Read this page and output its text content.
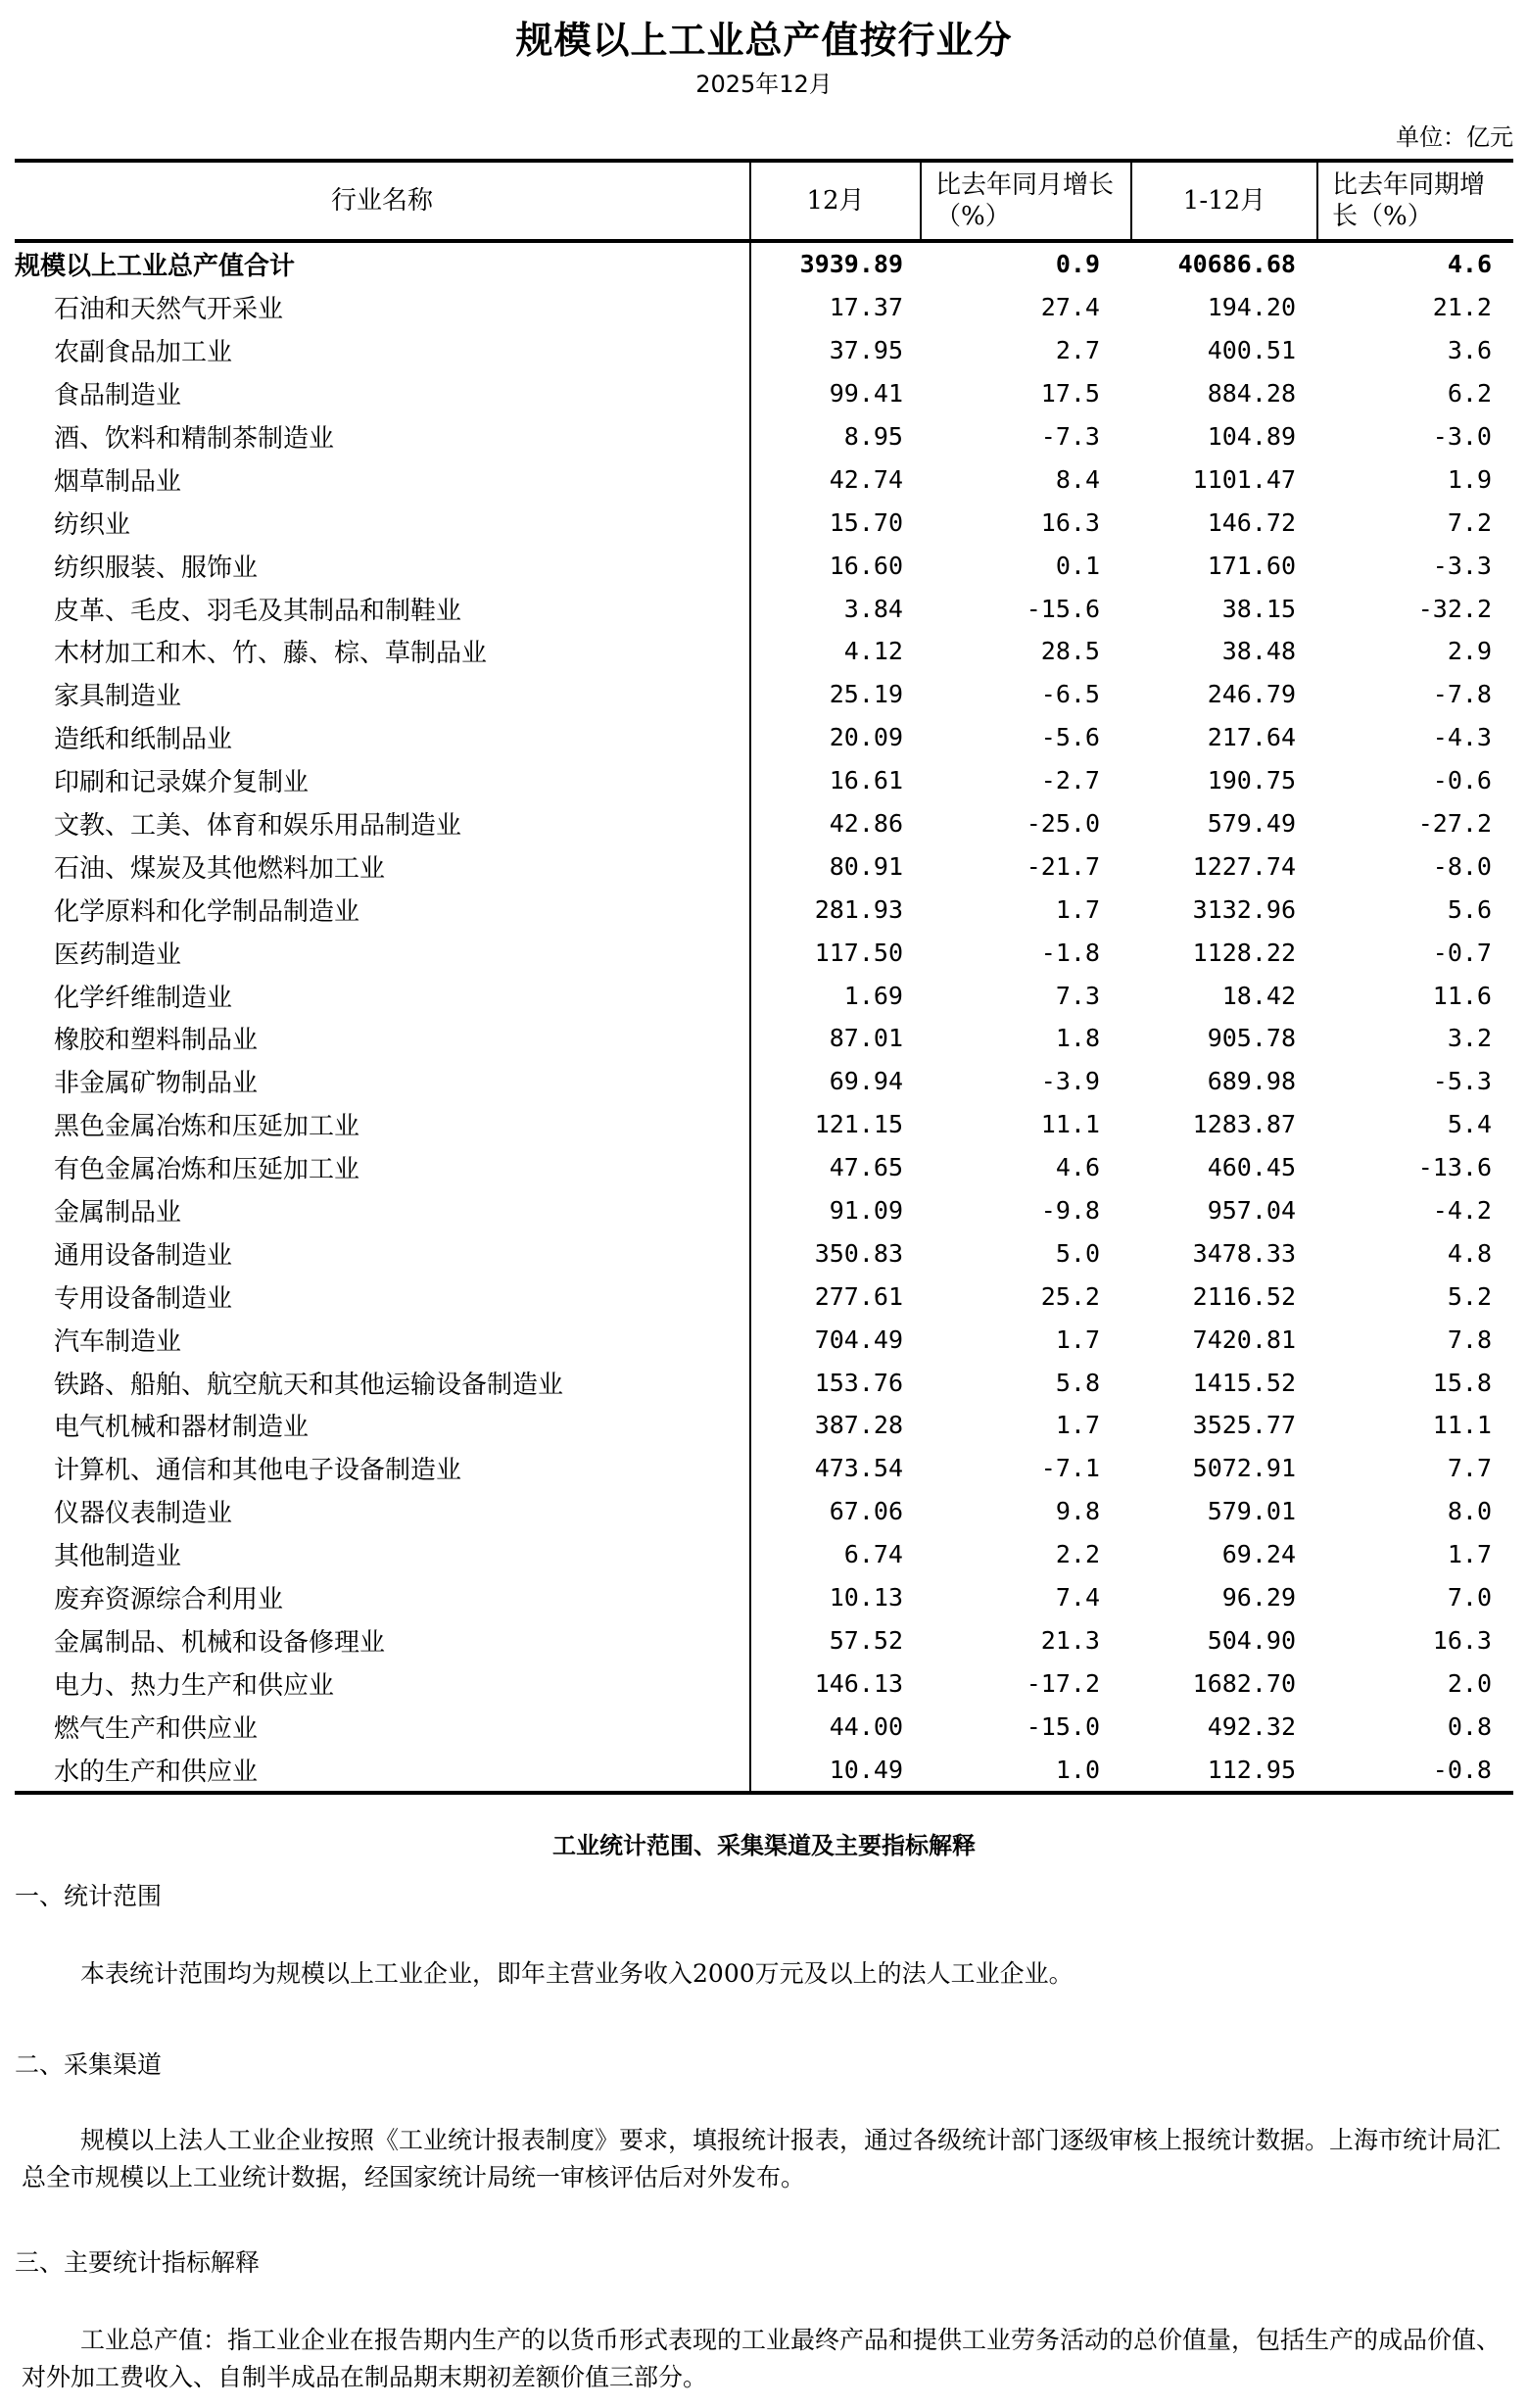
规模以上工业总产值按行业分
2025年12月
单位：亿元
行业名称	12月	比去年同月增长（%）	1-12月	比去年同期增长（%）
规模以上工业总产值合计	3939.89	0.9	40686.68	4.6
石油和天然气开采业	17.37	27.4	194.20	21.2
农副食品加工业	37.95	2.7	400.51	3.6
食品制造业	99.41	17.5	884.28	6.2
酒、饮料和精制茶制造业	8.95	-7.3	104.89	-3.0
烟草制品业	42.74	8.4	1101.47	1.9
纺织业	15.70	16.3	146.72	7.2
纺织服装、服饰业	16.60	0.1	171.60	-3.3
皮革、毛皮、羽毛及其制品和制鞋业	3.84	-15.6	38.15	-32.2
木材加工和木、竹、藤、棕、草制品业	4.12	28.5	38.48	2.9
家具制造业	25.19	-6.5	246.79	-7.8
造纸和纸制品业	20.09	-5.6	217.64	-4.3
印刷和记录媒介复制业	16.61	-2.7	190.75	-0.6
文教、工美、体育和娱乐用品制造业	42.86	-25.0	579.49	-27.2
石油、煤炭及其他燃料加工业	80.91	-21.7	1227.74	-8.0
化学原料和化学制品制造业	281.93	1.7	3132.96	5.6
医药制造业	117.50	-1.8	1128.22	-0.7
化学纤维制造业	1.69	7.3	18.42	11.6
橡胶和塑料制品业	87.01	1.8	905.78	3.2
非金属矿物制品业	69.94	-3.9	689.98	-5.3
黑色金属冶炼和压延加工业	121.15	11.1	1283.87	5.4
有色金属冶炼和压延加工业	47.65	4.6	460.45	-13.6
金属制品业	91.09	-9.8	957.04	-4.2
通用设备制造业	350.83	5.0	3478.33	4.8
专用设备制造业	277.61	25.2	2116.52	5.2
汽车制造业	704.49	1.7	7420.81	7.8
铁路、船舶、航空航天和其他运输设备制造业	153.76	5.8	1415.52	15.8
电气机械和器材制造业	387.28	1.7	3525.77	11.1
计算机、通信和其他电子设备制造业	473.54	-7.1	5072.91	7.7
仪器仪表制造业	67.06	9.8	579.01	8.0
其他制造业	6.74	2.2	69.24	1.7
废弃资源综合利用业	10.13	7.4	96.29	7.0
金属制品、机械和设备修理业	57.52	21.3	504.90	16.3
电力、热力生产和供应业	146.13	-17.2	1682.70	2.0
燃气生产和供应业	44.00	-15.0	492.32	0.8
水的生产和供应业	10.49	1.0	112.95	-0.8
工业统计范围、采集渠道及主要指标解释
一、统计范围
本表统计范围均为规模以上工业企业，即年主营业务收入2000万元及以上的法人工业企业。
二、采集渠道
规模以上法人工业企业按照《工业统计报表制度》要求，填报统计报表，通过各级统计部门逐级审核上报统计数据。上海市统计局汇总全市规模以上工业统计数据，经国家统计局统一审核评估后对外发布。
三、主要统计指标解释
工业总产值：指工业企业在报告期内生产的以货币形式表现的工业最终产品和提供工业劳务活动的总价值量，包括生产的成品价值、对外加工费收入、自制半成品在制品期末期初差额价值三部分。
